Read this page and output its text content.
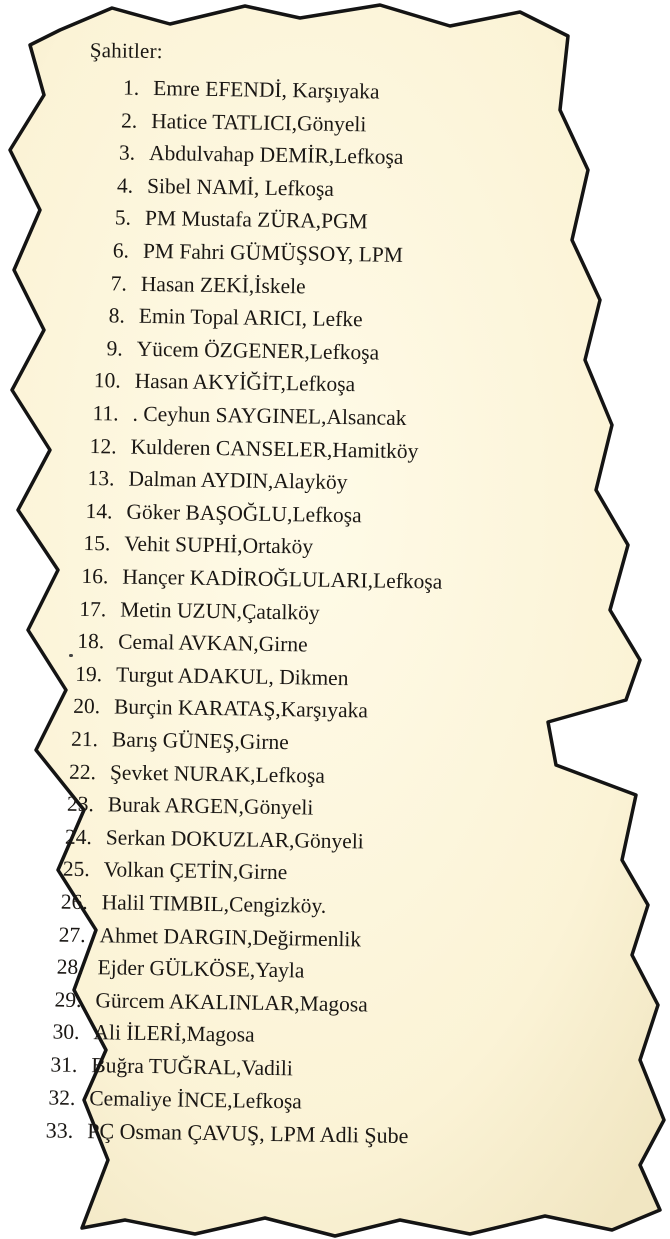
Şahitler:
1. Emre EFENDİ, Karşıyaka
2. Hatice TATLICI,Gönyeli
3. Abdulvahap DEMİR,Lefkoşa
4. Sibel NAMİ, Lefkoşa
5. PM Mustafa ZÜRA,PGM
6. PM Fahri GÜMÜŞSOY, LPM
7. Hasan ZEKİ,İskele
8. Emin Topal ARICI, Lefke
9. Yücem ÖZGENER,Lefkoşa
10. Hasan AKYİĞİT,Lefkoşa
11. . Ceyhun SAYGINEL,Alsancak
12. Kulderen CANSELER,Hamitköy
13. Dalman AYDIN,Alayköy
14. Göker BAŞOĞLU,Lefkoşa
15. Vehit SUPHİ,Ortaköy
16. Hançer KADİROĞLULARI,Lefkoşa
17. Metin UZUN,Çatalköy
18. Cemal AVKAN,Girne
19. Turgut ADAKUL, Dikmen
20. Burçin KARATAŞ,Karşıyaka
21. Barış GÜNEŞ,Girne
22. Şevket NURAK,Lefkoşa
23. Burak ARGEN,Gönyeli
24. Serkan DOKUZLAR,Gönyeli
25. Volkan ÇETİN,Girne
26. Halil TIMBIL,Cengizköy.
27. Ahmet DARGIN,Değirmenlik
28. Ejder GÜLKÖSE,Yayla
29. Gürcem AKALINLAR,Magosa
30. Ali İLERİ,Magosa
31. Buğra TUĞRAL,Vadili
32. Cemaliye İNCE,Lefkoşa
33. PÇ Osman ÇAVUŞ, LPM Adli Şube
